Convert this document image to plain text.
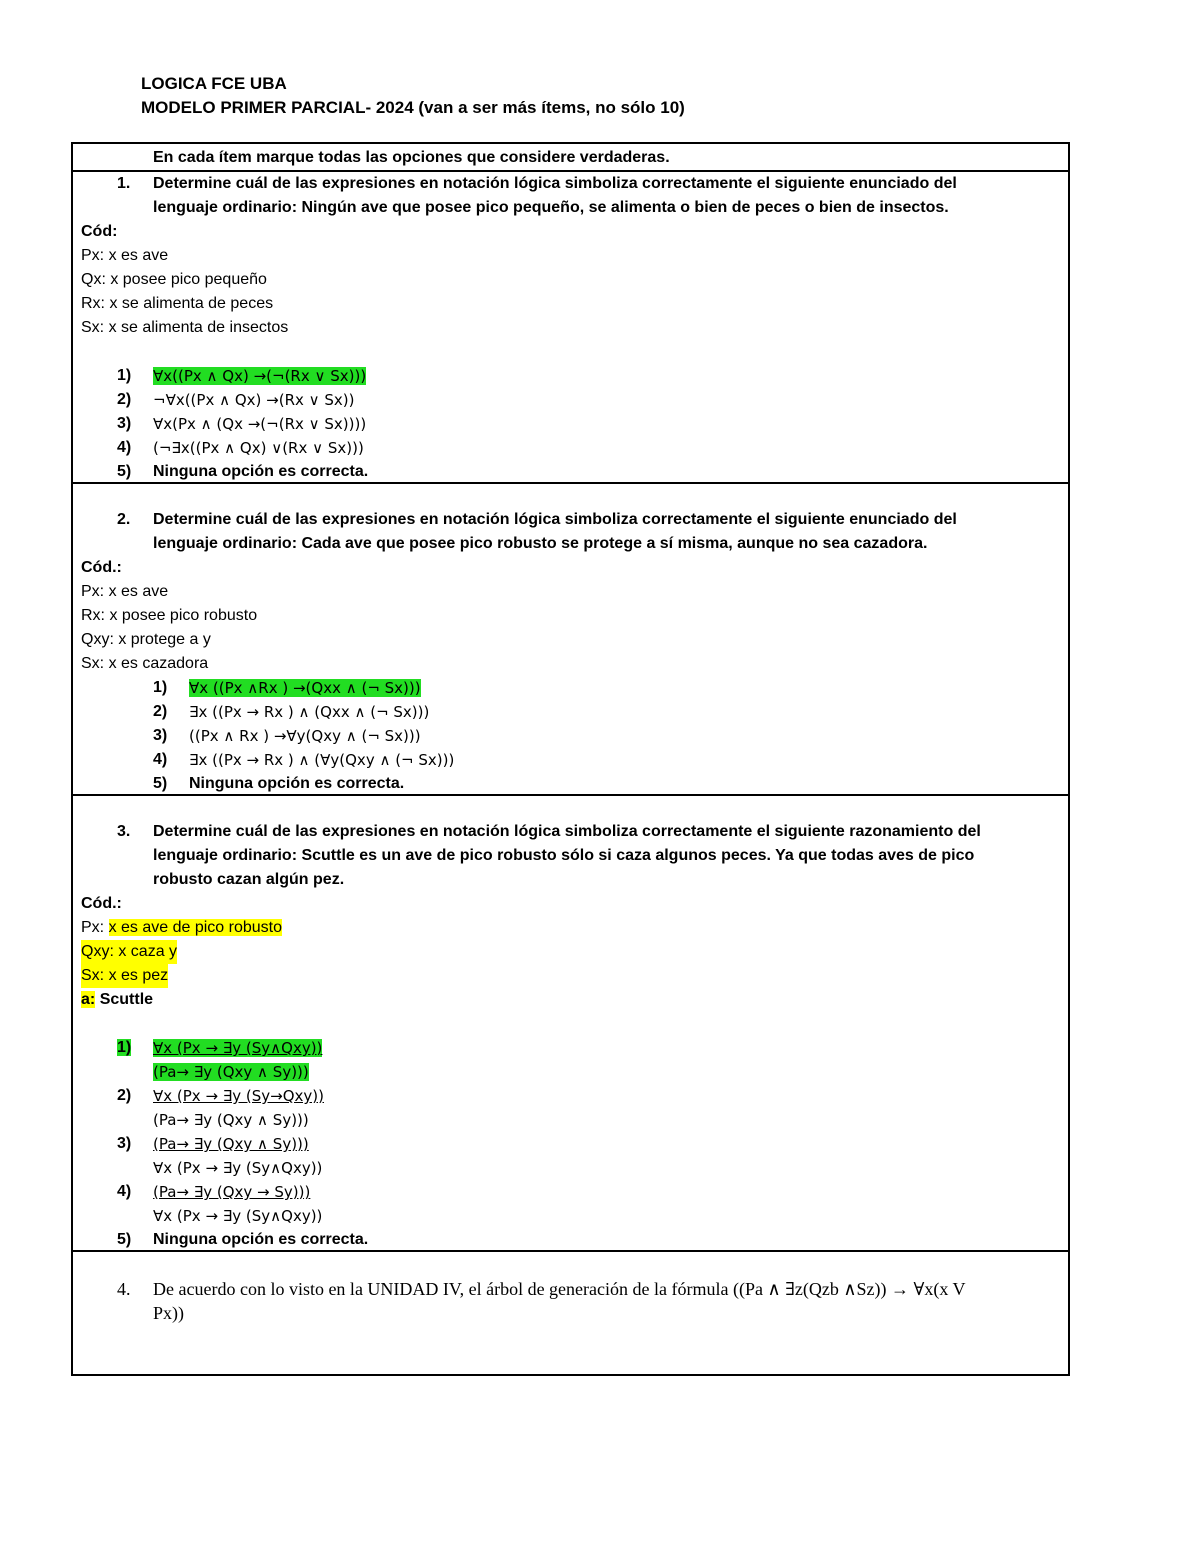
LOGICA FCE UBA
MODELO PRIMER PARCIAL- 2024 (van a ser más ítems, no sólo 10)
En cada ítem marque todas las opciones que considere verdaderas.
1. Determine cuál de las expresiones en notación lógica simboliza correctamente el siguiente enunciado del
lenguaje ordinario: Ningún ave que posee pico pequeño, se alimenta o bien de peces o bien de insectos.
Cód:
Px: x es ave
Qx: x posee pico pequeño
Rx: x se alimenta de peces
Sx: x se alimenta de insectos
1) ∀x((Px ∧ Qx) →(¬(Rx ∨ Sx)))
2) ¬∀x((Px ∧ Qx) →(Rx ∨ Sx))
3) ∀x(Px ∧ (Qx →(¬(Rx ∨ Sx))))
4) (¬∃x((Px ∧ Qx) ∨(Rx ∨ Sx)))
5) Ninguna opción es correcta.
2. Determine cuál de las expresiones en notación lógica simboliza correctamente el siguiente enunciado del
lenguaje ordinario: Cada ave que posee pico robusto se protege a sí misma, aunque no sea cazadora.
Cód.:
Px: x es ave
Rx: x posee pico robusto
Qxy: x protege a y
Sx: x es cazadora
1) ∀x ((Px ∧Rx ) →(Qxx ∧ (¬ Sx)))
2) ∃x ((Px → Rx ) ∧ (Qxx ∧ (¬ Sx)))
3) ((Px ∧ Rx ) →∀y(Qxy ∧ (¬ Sx)))
4) ∃x ((Px → Rx ) ∧ (∀y(Qxy ∧ (¬ Sx)))
5) Ninguna opción es correcta.
3. Determine cuál de las expresiones en notación lógica simboliza correctamente el siguiente razonamiento del
lenguaje ordinario: Scuttle es un ave de pico robusto sólo si caza algunos peces. Ya que todas aves de pico
robusto cazan algún pez.
Cód.:
Px: x es ave de pico robusto
Qxy: x caza y
Sx: x es pez
a: Scuttle
1) ∀x (Px → ∃y (Sy∧Qxy))
(Pa→ ∃y (Qxy ∧ Sy)))
2) ∀x (Px → ∃y (Sy→Qxy))
(Pa→ ∃y (Qxy ∧ Sy)))
3) (Pa→ ∃y (Qxy ∧ Sy)))
∀x (Px → ∃y (Sy∧Qxy))
4) (Pa→ ∃y (Qxy → Sy)))
∀x (Px → ∃y (Sy∧Qxy))
5) Ninguna opción es correcta.
4. De acuerdo con lo visto en la UNIDAD IV, el árbol de generación de la fórmula ((Pa ∧ ∃z(Qzb ∧Sz)) → ∀x(x V
Px))
